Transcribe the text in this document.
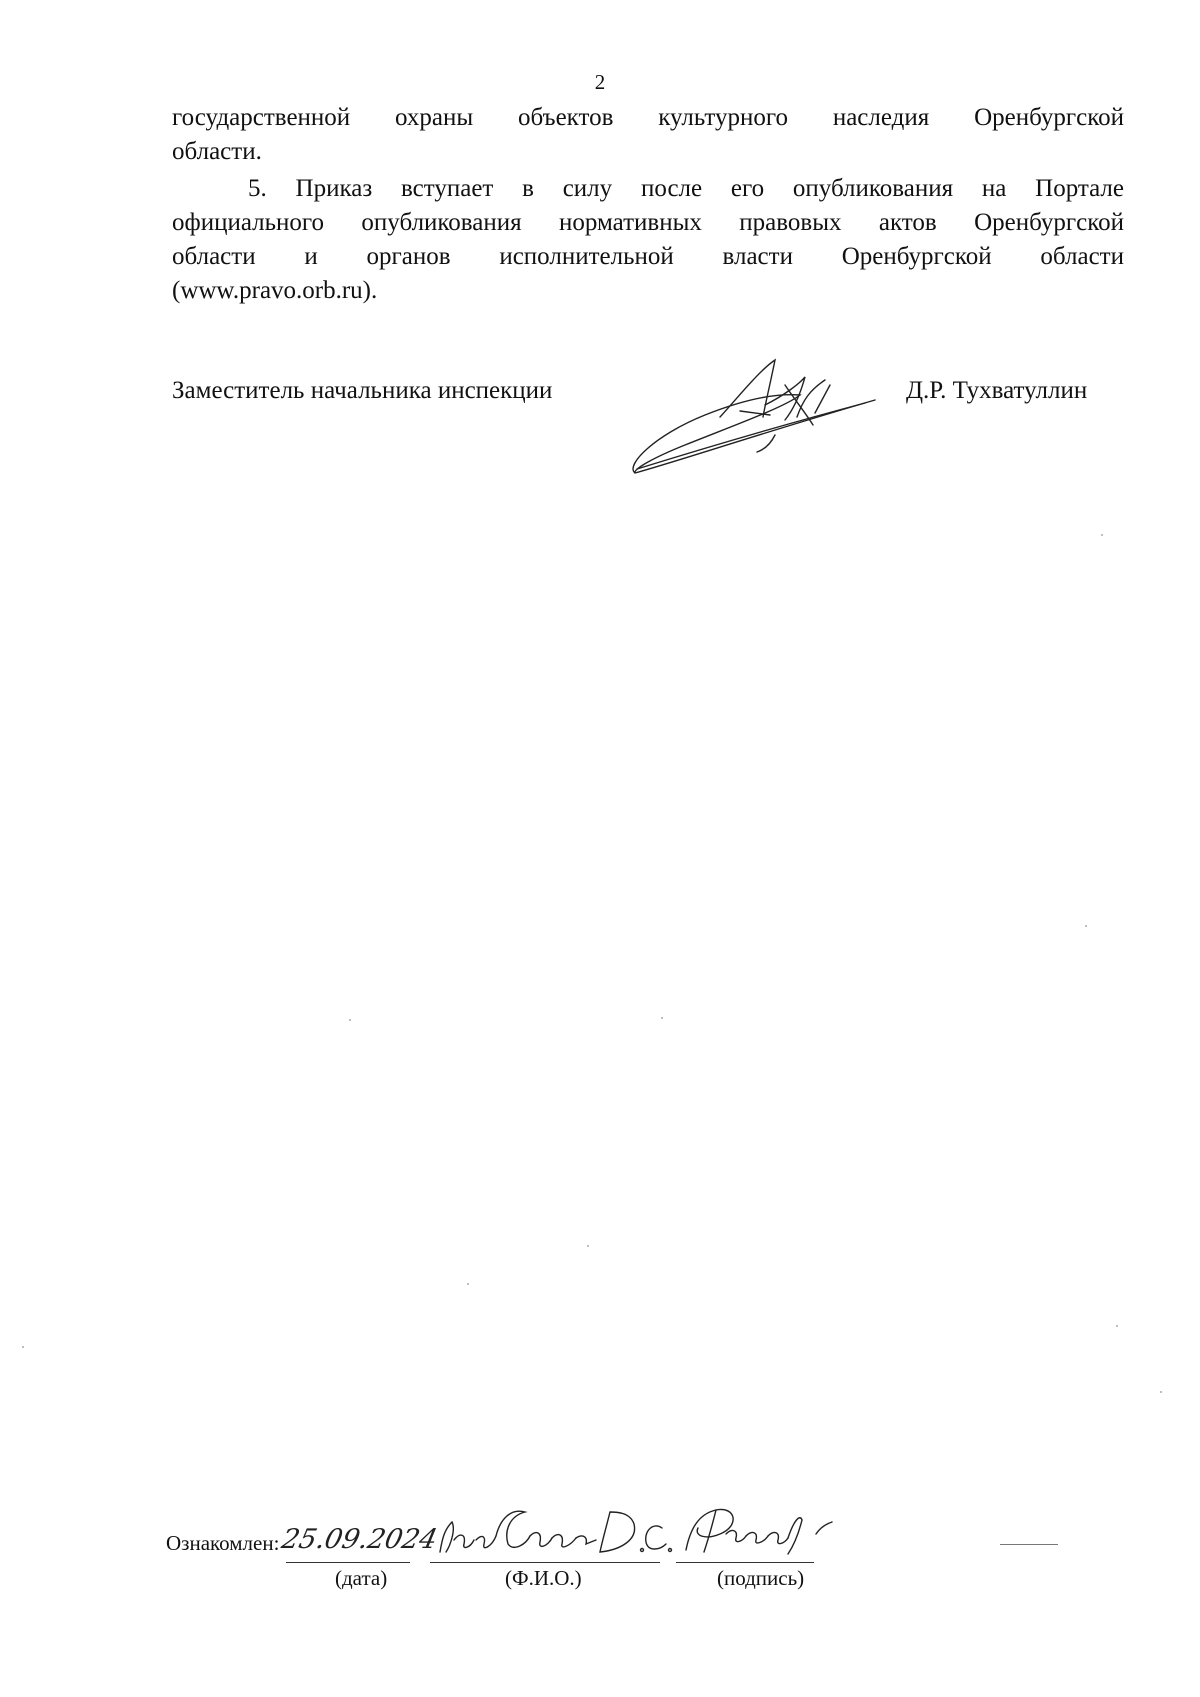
2

государственной охраны объектов культурного наследия Оренбургской
области.

5. Приказ вступает в силу после его опубликования на Портале
официального опубликования нормативных правовых актов Оренбургской
области и органов исполнительной власти Оренбургской области
(www.pravo.orb.ru).

Заместитель начальника инспекции	Д.Р. Тухватуллин
Ознакомлен: 25.09.2024
(дата)	(Ф.И.О.)	(подпись)
